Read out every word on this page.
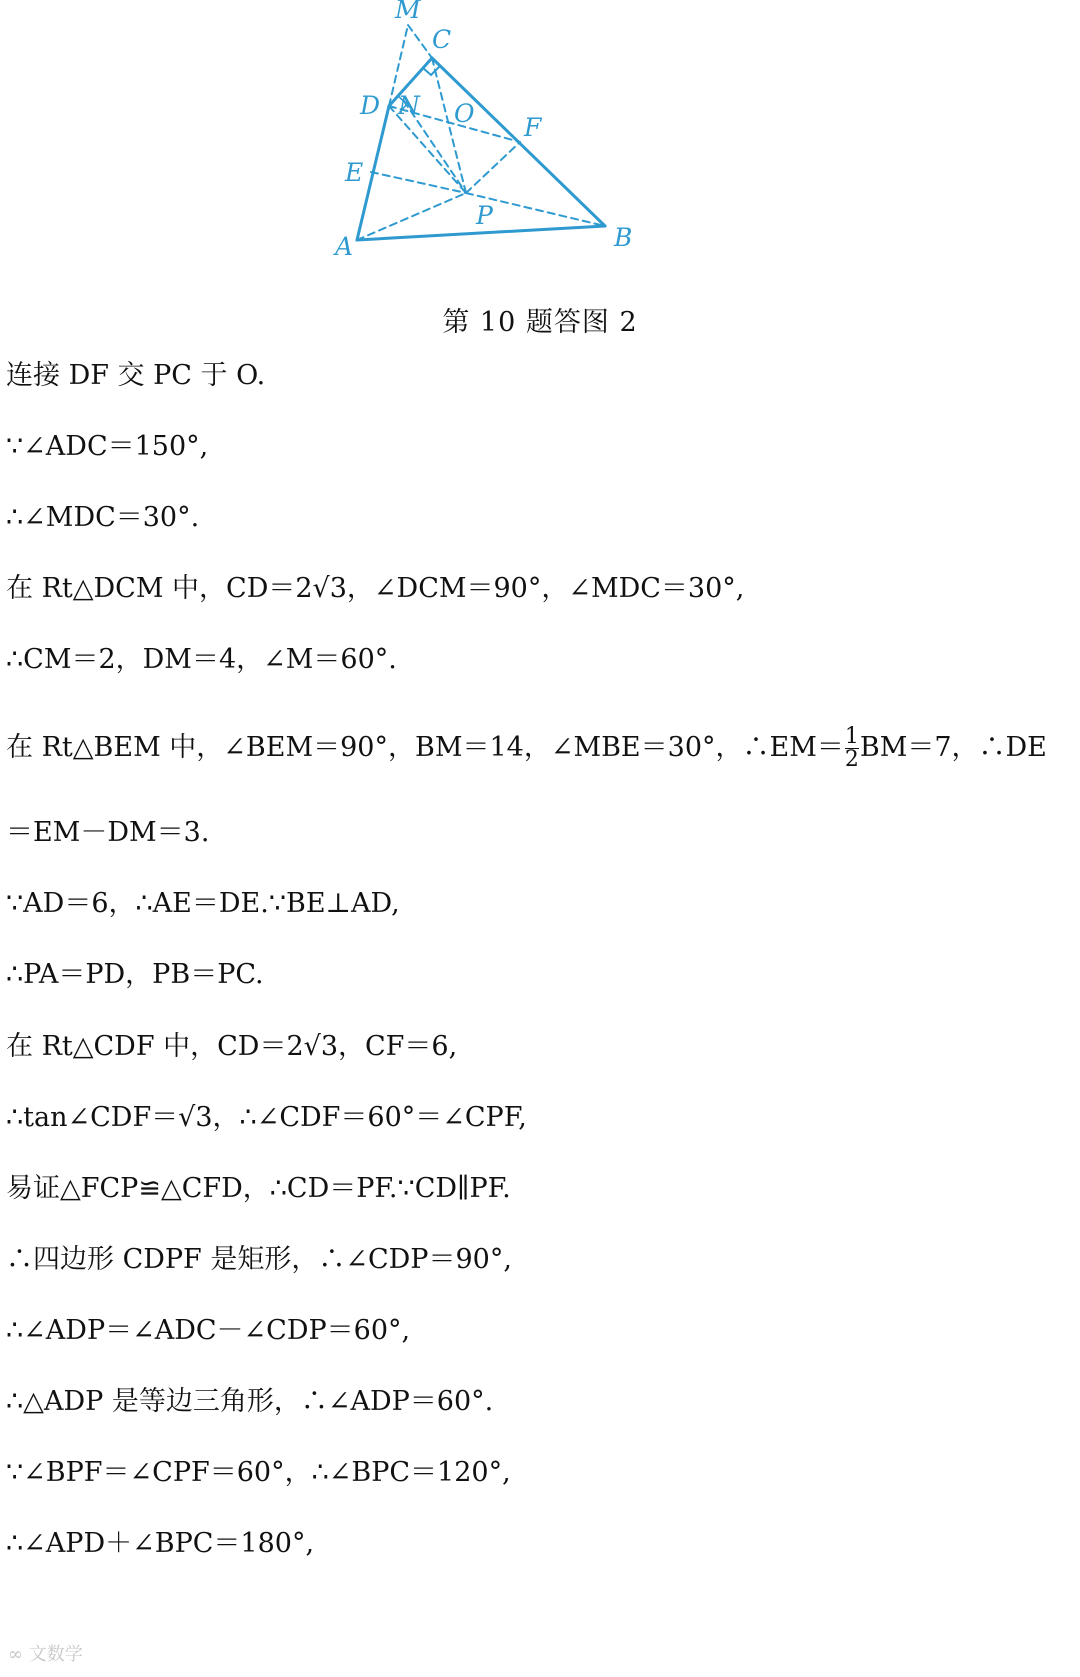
M
C
D N O F
E
P
A	B
第 10 题答图 2
连接 DF 交 PC 于 O.
∵∠ADC＝150°,
∴∠MDC＝30°.
在 Rt△DCM 中，CD＝2√3，∠DCM＝90°，∠MDC＝30°,
∴CM＝2，DM＝4，∠M＝60°.
在 Rt△BEM 中，∠BEM＝90°，BM＝14，∠MBE＝30°，∴EM＝ $\frac{1}{2} BM=7$，∴DE
＝EM－DM＝3.
∵AD＝6，∴AE＝DE.∵BE⊥AD,
∴PA＝PD，PB＝PC.
在 Rt△CDF 中，CD＝2√3，CF＝6,
∴tan∠CDF＝√3，∴∠CDF＝60°＝∠CPF,
易证△FCP≌△CFD，∴CD＝PF.∵CD∥PF.
∴四边形 CDPF 是矩形，∴∠CDP＝90°,
∴∠ADP＝∠ADC－∠CDP＝60°,
∴△ADP 是等边三角形，∴∠ADP＝60°.
∵∠BPF＝∠CPF＝60°，∴∠BPC＝120°,
∴∠APD＋∠BPC＝180°,
∞ 文数学
